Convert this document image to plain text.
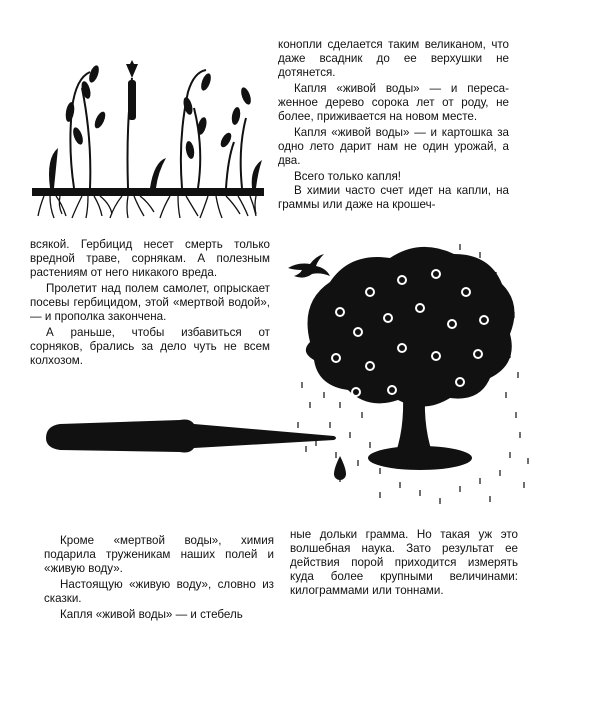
конопли сделается таким великаном, что даже всадник до ее верхушки не дотянется.

Капля «живой воды» — и пересаженное дерево сорока лет от роду, не более, приживается на новом месте.

Капля «живой воды» — и картошка за одно лето дарит нам не один урожай, а два.

Всего только капля!

В химии часто счет идет на капли, на граммы или даже на крошеч-

всякой. Гербицид несет смерть только вредной траве, сорнякам. А полезным растениям от него никакого вреда.

Пролетит над полем самолет, опрыскает посевы гербицидом, этой «мертвой водой», — и прополка закончена.

А раньше, чтобы избавиться от сорняков, брались за дело чуть не всем колхозом.

Кроме «мертвой воды», химия подарила труженикам наших полей и «живую воду».

Настоящую «живую воду», словно из сказки.

Капля «живой воды» — и стебель

ные дольки грамма. Но такая уж это волшебная наука. Зато результат ее действия порой приходится измерять куда более крупными величинами: килограммами или тоннами.
